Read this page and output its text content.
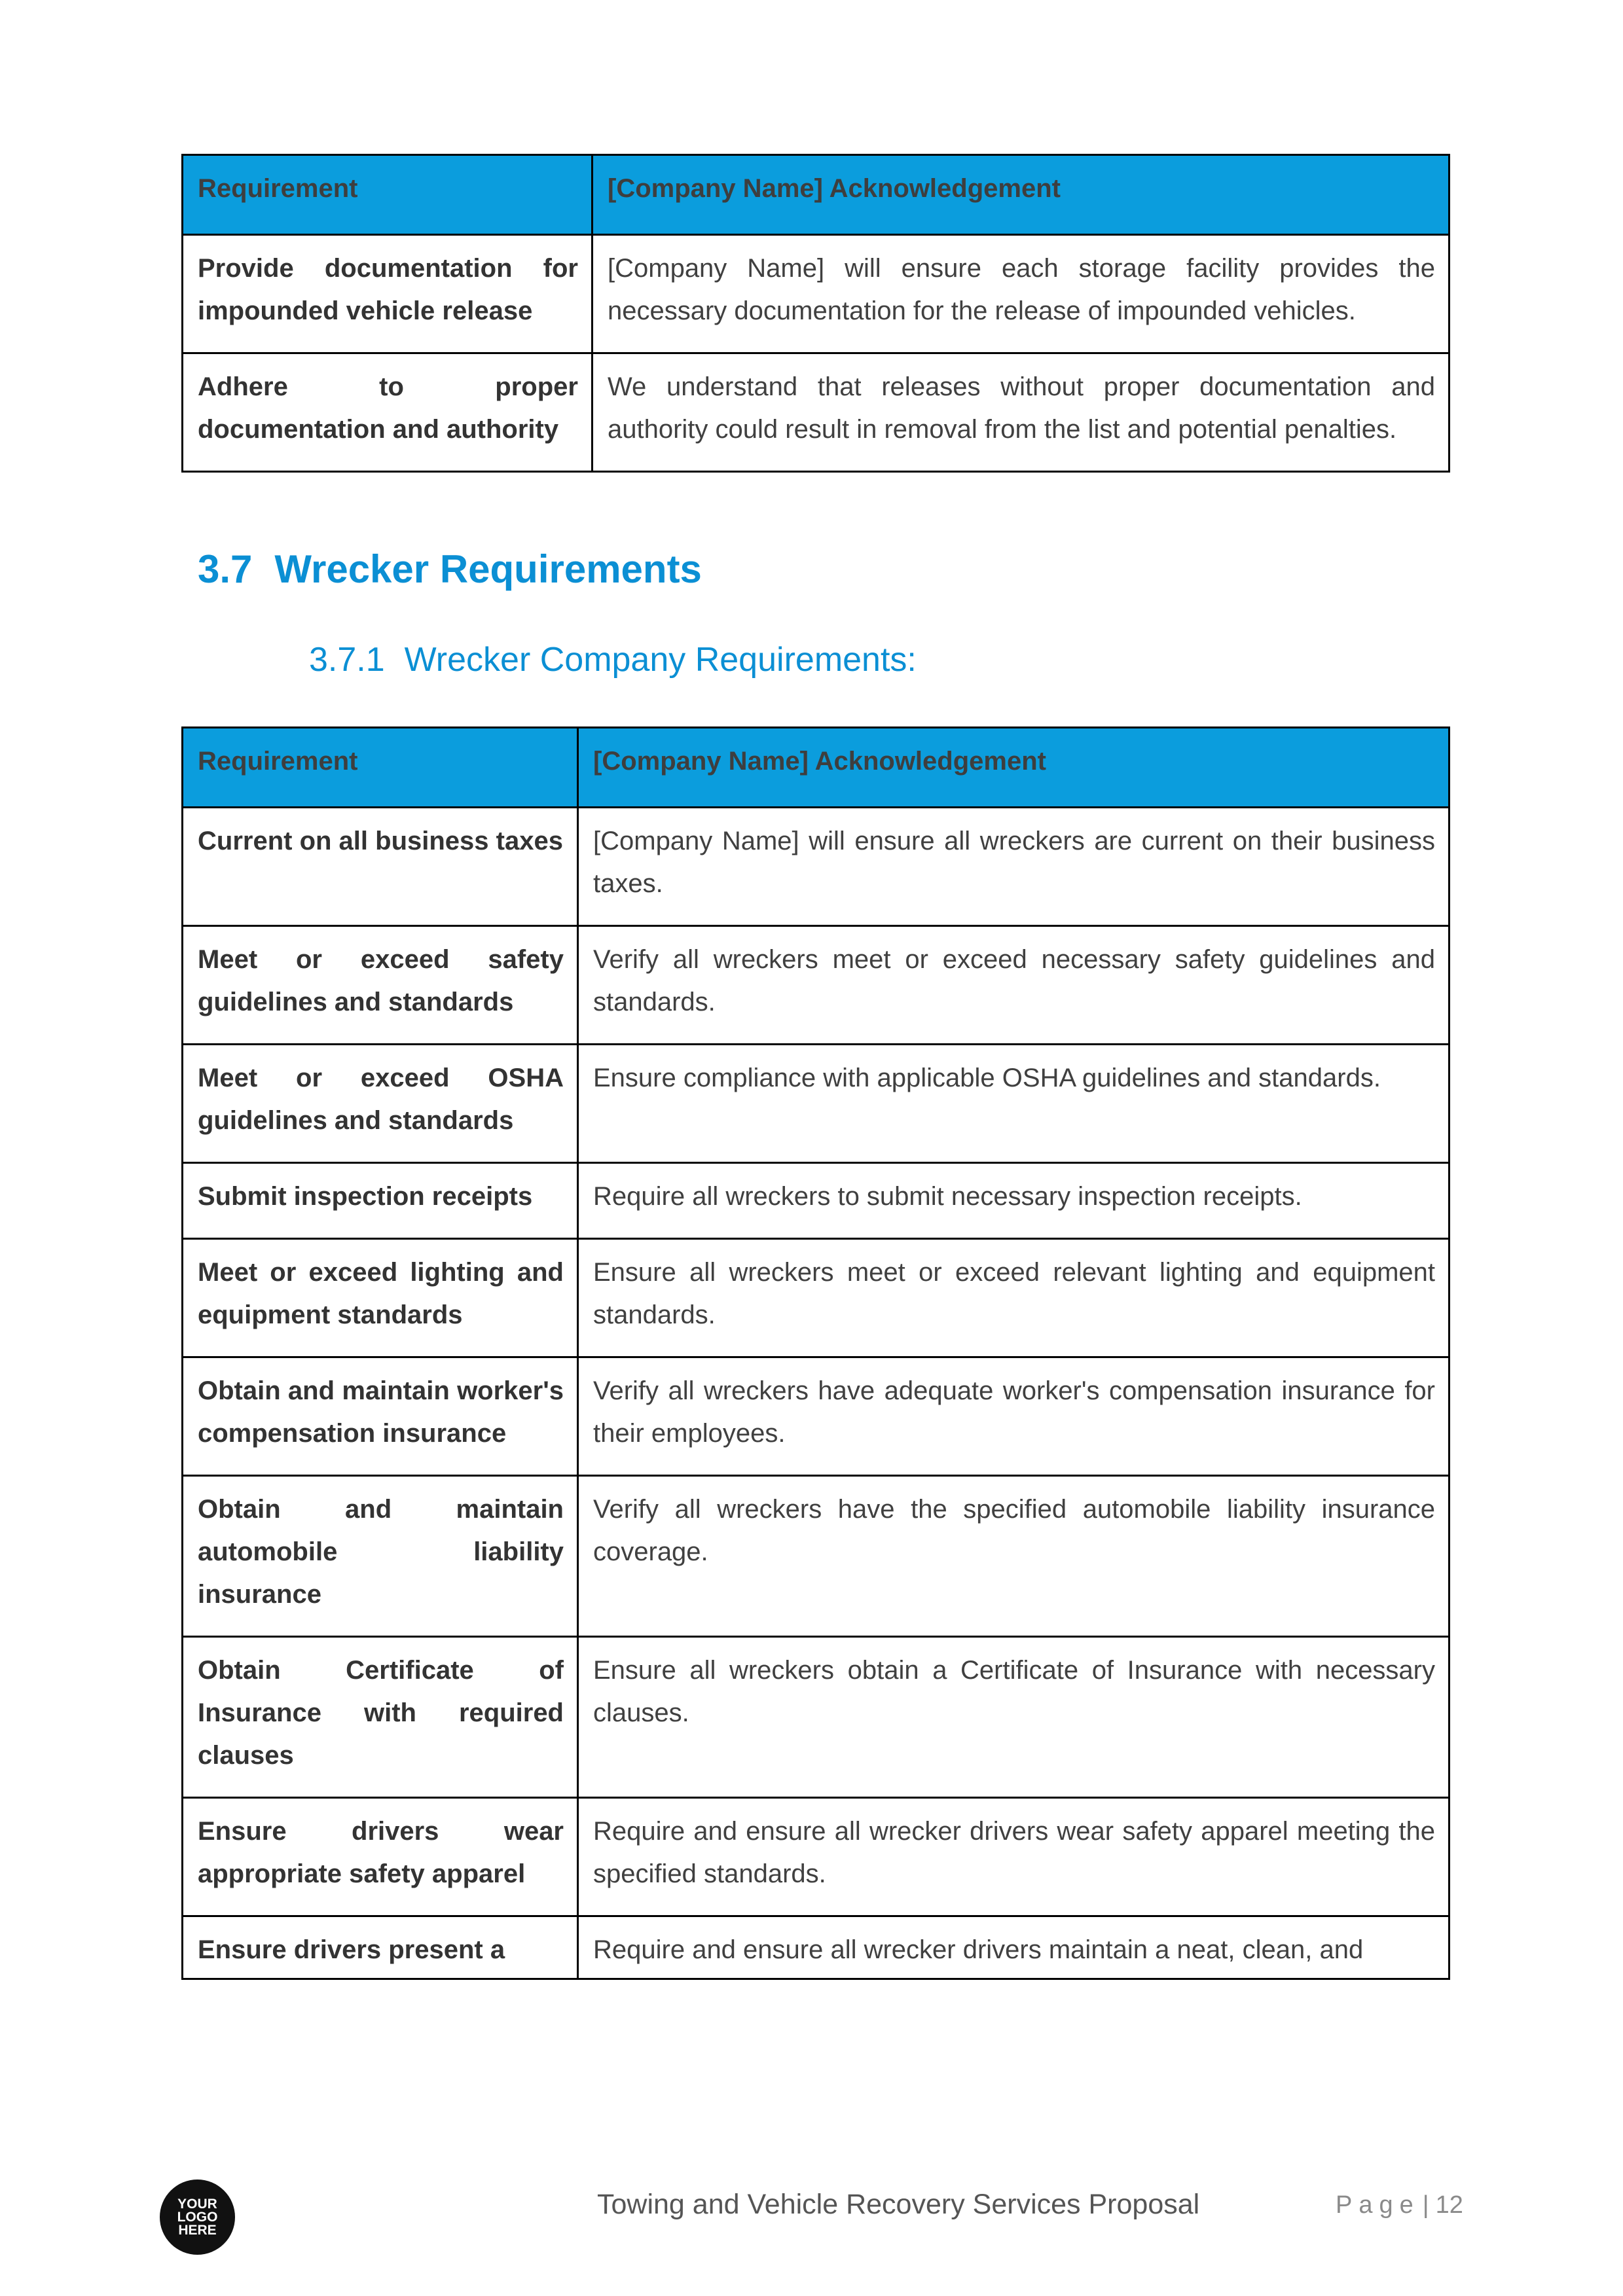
Requirement	[Company Name] Acknowledgement
Provide documentation for impounded vehicle release	[Company Name] will ensure each storage facility provides the necessary documentation for the release of impounded vehicles.
Adhere to proper documentation and authority	We understand that releases without proper documentation and authority could result in removal from the list and potential penalties.
3.7 Wrecker Requirements
3.7.1 Wrecker Company Requirements:
Requirement	[Company Name] Acknowledgement
Current on all business taxes	[Company Name] will ensure all wreckers are current on their business taxes.
Meet or exceed safety guidelines and standards	Verify all wreckers meet or exceed necessary safety guidelines and standards.
Meet or exceed OSHA guidelines and standards	Ensure compliance with applicable OSHA guidelines and standards.
Submit inspection receipts	Require all wreckers to submit necessary inspection receipts.
Meet or exceed lighting and equipment standards	Ensure all wreckers meet or exceed relevant lighting and equipment standards.
Obtain and maintain worker's compensation insurance	Verify all wreckers have adequate worker's compensation insurance for their employees.
Obtain and maintain automobile liability insurance	Verify all wreckers have the specified automobile liability insurance coverage.
Obtain Certificate of Insurance with required clauses	Ensure all wreckers obtain a Certificate of Insurance with necessary clauses.
Ensure drivers wear appropriate safety apparel	Require and ensure all wrecker drivers wear safety apparel meeting the specified standards.
Ensure drivers present a	Require and ensure all wrecker drivers maintain a neat, clean, and
YOUR
LOGO
HERE
Towing and Vehicle Recovery Services Proposal	Page | 12
